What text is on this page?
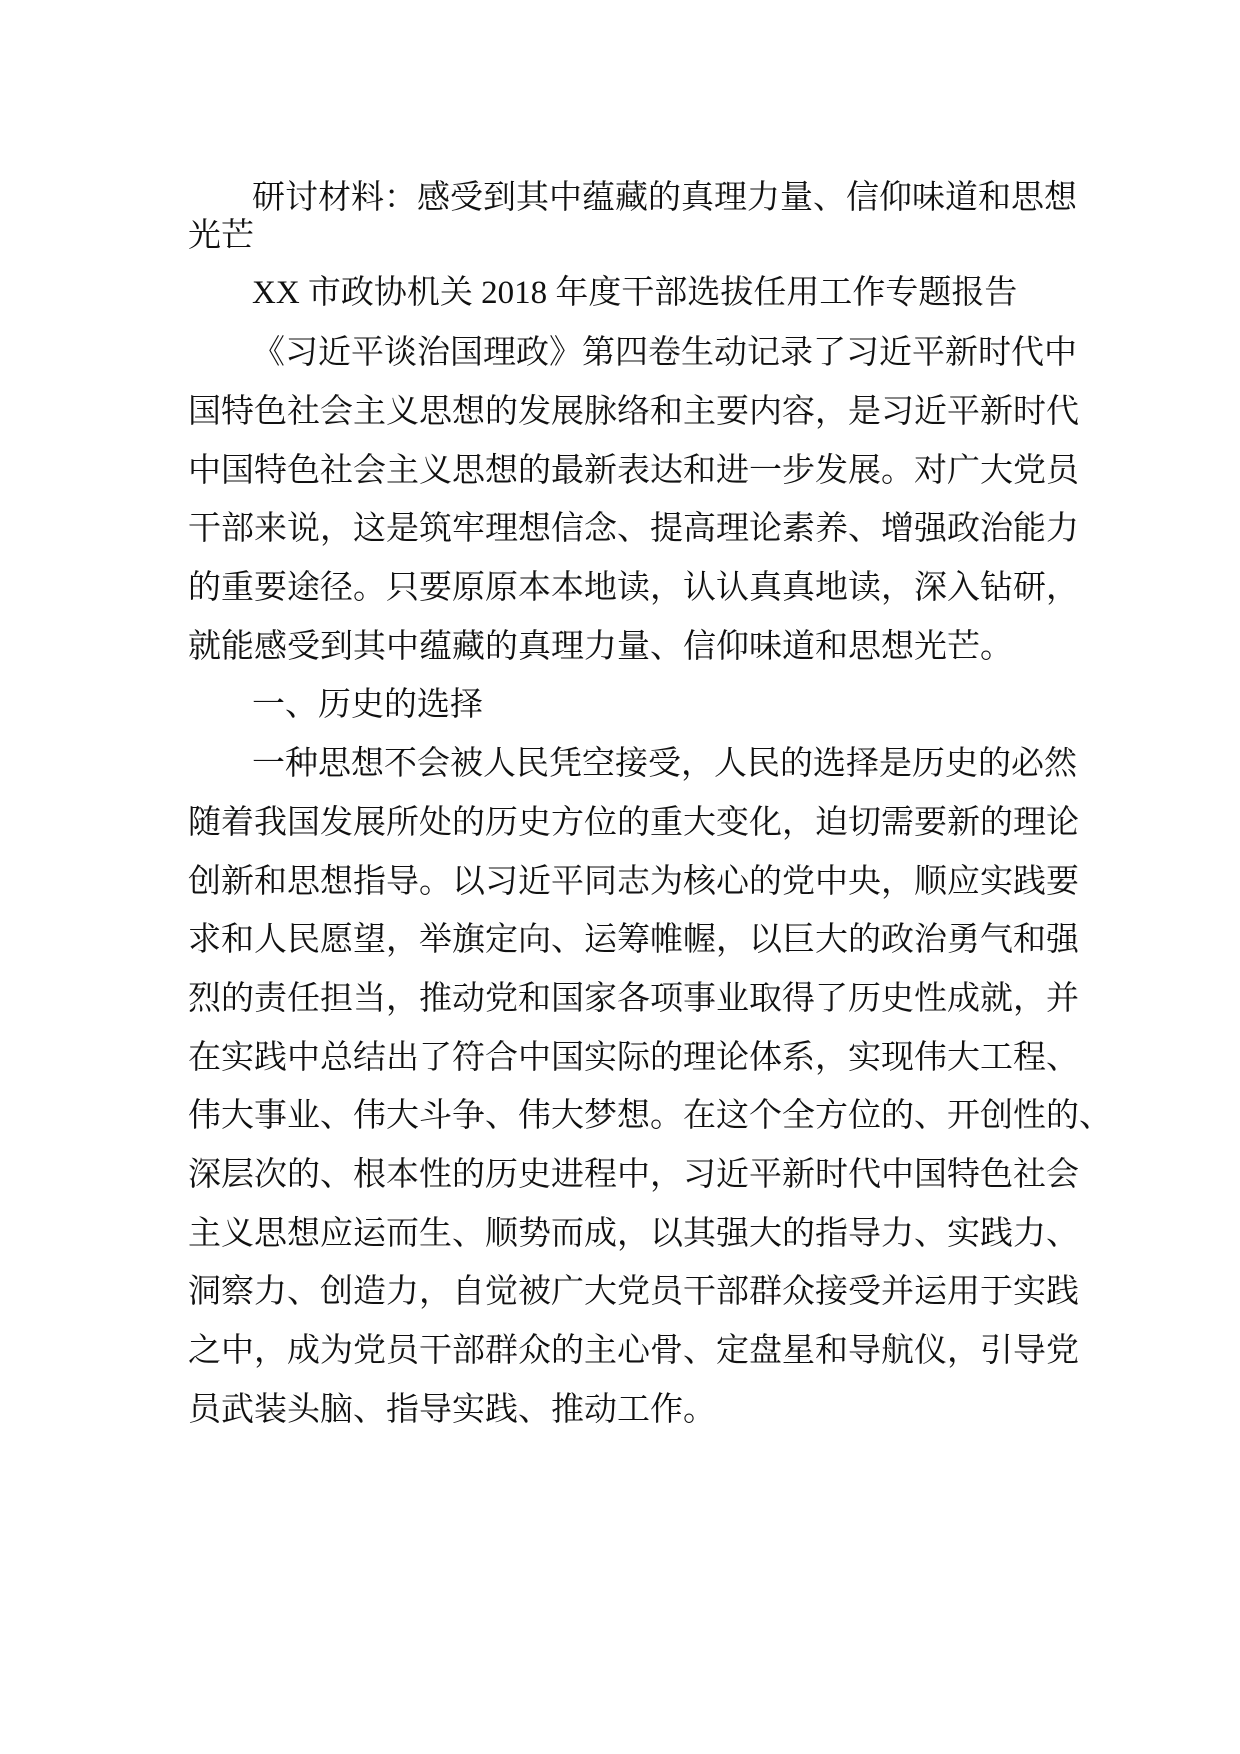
研讨材料：感受到其中蕴藏的真理力量、信仰味道和思想
光芒
XX 市政协机关 2018 年度干部选拔任用工作专题报告
《习近平谈治国理政》第四卷生动记录了习近平新时代中
国特色社会主义思想的发展脉络和主要内容，是习近平新时代
中国特色社会主义思想的最新表达和进一步发展。对广大党员
干部来说，这是筑牢理想信念、提高理论素养、增强政治能力
的重要途径。只要原原本本地读，认认真真地读，深入钻研，
就能感受到其中蕴藏的真理力量、信仰味道和思想光芒。
一、历史的选择
一种思想不会被人民凭空接受，人民的选择是历史的必然
随着我国发展所处的历史方位的重大变化，迫切需要新的理论
创新和思想指导。以习近平同志为核心的党中央，顺应实践要
求和人民愿望，举旗定向、运筹帷幄，以巨大的政治勇气和强
烈的责任担当，推动党和国家各项事业取得了历史性成就，并
在实践中总结出了符合中国实际的理论体系，实现伟大工程、
伟大事业、伟大斗争、伟大梦想。在这个全方位的、开创性的、
深层次的、根本性的历史进程中，习近平新时代中国特色社会
主义思想应运而生、顺势而成，以其强大的指导力、实践力、
洞察力、创造力，自觉被广大党员干部群众接受并运用于实践
之中，成为党员干部群众的主心骨、定盘星和导航仪，引导党
员武装头脑、指导实践、推动工作。
